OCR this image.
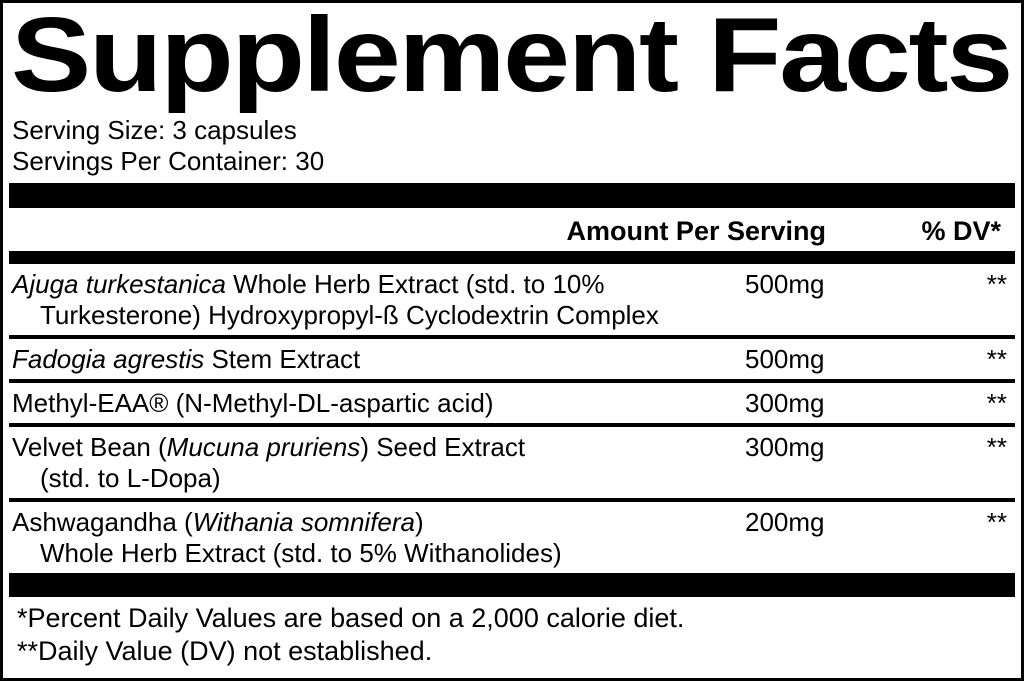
Supplement Facts
Serving Size: 3 capsules
Servings Per Container: 30
Amount Per Serving	% DV*
Ajuga turkestanica Whole Herb Extract (std. to 10%
Turkesterone) Hydroxypropyl-ß Cyclodextrin Complex
500mg	**
Fadogia agrestis Stem Extract	500mg	**
Methyl-EAA® (N-Methyl-DL-aspartic acid)	300mg	**
Velvet Bean (Mucuna pruriens) Seed Extract
(std. to L-Dopa)
300mg	**
Ashwagandha (Withania somnifera)
Whole Herb Extract (std. to 5% Withanolides)
200mg	**
*Percent Daily Values are based on a 2,000 calorie diet.
**Daily Value (DV) not established.
